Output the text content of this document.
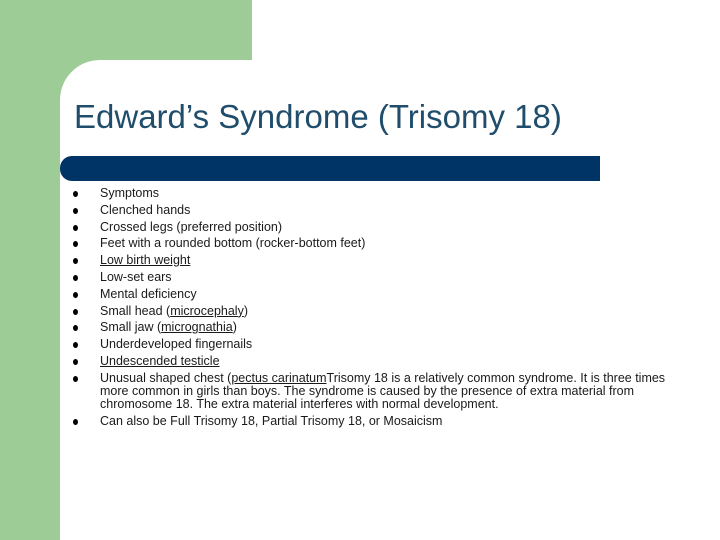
Edward’s Syndrome (Trisomy 18)
Symptoms
Clenched hands
Crossed legs (preferred position)
Feet with a rounded bottom (rocker-bottom feet)
Low birth weight
Low-set ears
Mental deficiency
Small head (microcephaly)
Small jaw (micrognathia)
Underdeveloped fingernails
Undescended testicle
Unusual shaped chest (pectus carinatumTrisomy 18 is a relatively common syndrome. It is three times more common in girls than boys. The syndrome is caused by the presence of extra material from chromosome 18. The extra material interferes with normal development.
Can also be Full Trisomy 18, Partial Trisomy 18, or Mosaicism
